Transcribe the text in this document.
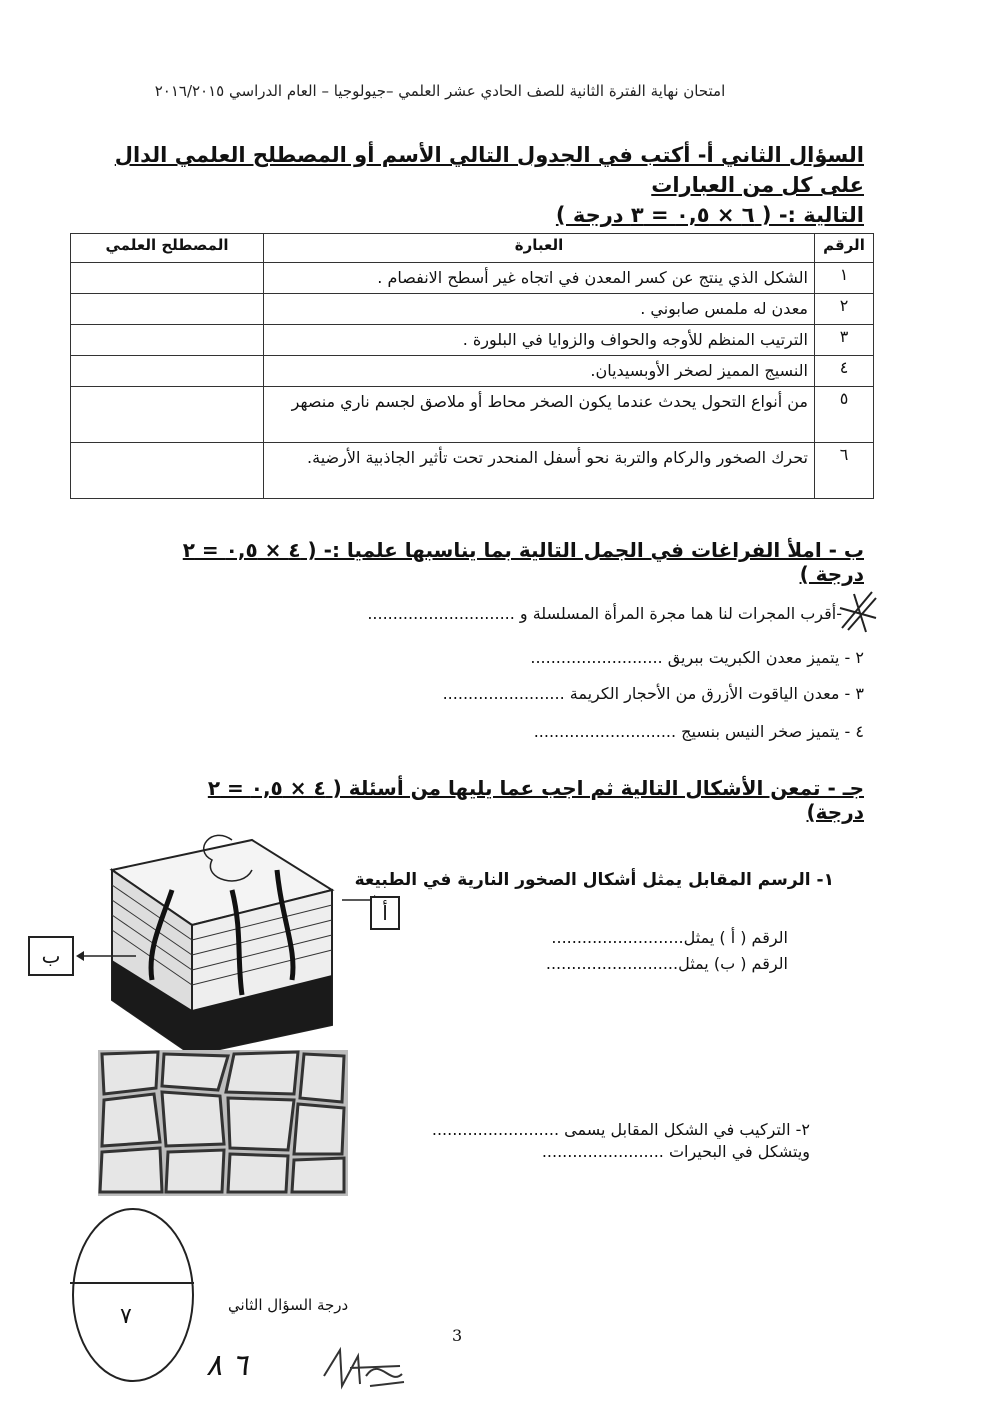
امتحان نهاية الفترة الثانية للصف الحادي عشر العلمي –جيولوجيا – العام الدراسي ٢٠١٦/٢٠١٥
السؤال الثاني أ- أكتب في الجدول التالي الأسم أو المصطلح العلمي الدال على كل من العبارات
التالية :- ( ٦ × ٠,٥ = ٣ درجة )
الرقم	العبارة	المصطلح العلمي
١	الشكل الذي ينتج عن كسر المعدن في اتجاه غير أسطح الانفصام .	
٢	معدن له ملمس صابوني .	
٣	الترتيب المنظم للأوجه والحواف والزوايا في البلورة .	
٤	النسيج المميز لصخر الأوبسيديان.	
٥	من أنواع التحول يحدث عندما يكون الصخر محاط أو ملاصق لجسم ناري منصهر	
٦	تحرك الصخور والركام والتربة نحو أسفل المنحدر تحت تأثير الجاذبية الأرضية.	
ب - املأ الفراغات في الجمل التالية بما يناسبها علميا :- ( ٤ × ٠,٥ = ٢ درجة )
-أقرب المجرات لنا هما مجرة المرأة المسلسلة و .............................
٢ - يتميز معدن الكبريت ببريق ..........................
٣ - معدن الياقوت الأزرق من الأحجار الكريمة ........................
٤ - يتميز صخر النيس بنسيج ............................
جـ - تمعن الأشكال التالية ثم اجب عما يليها من أسئلة ( ٤ × ٠,٥ = ٢ درجة)
أ
ب
١- الرسم المقابل يمثل أشكال الصخور النارية في الطبيعة
الرقم ( أ ) يمثل..........................
الرقم ( ب) يمثل..........................
٢- التركيب في الشكل المقابل يسمى .........................
ويتشكل في البحيرات ........................
٧	درجة السؤال الثاني
3
٦ ٨
